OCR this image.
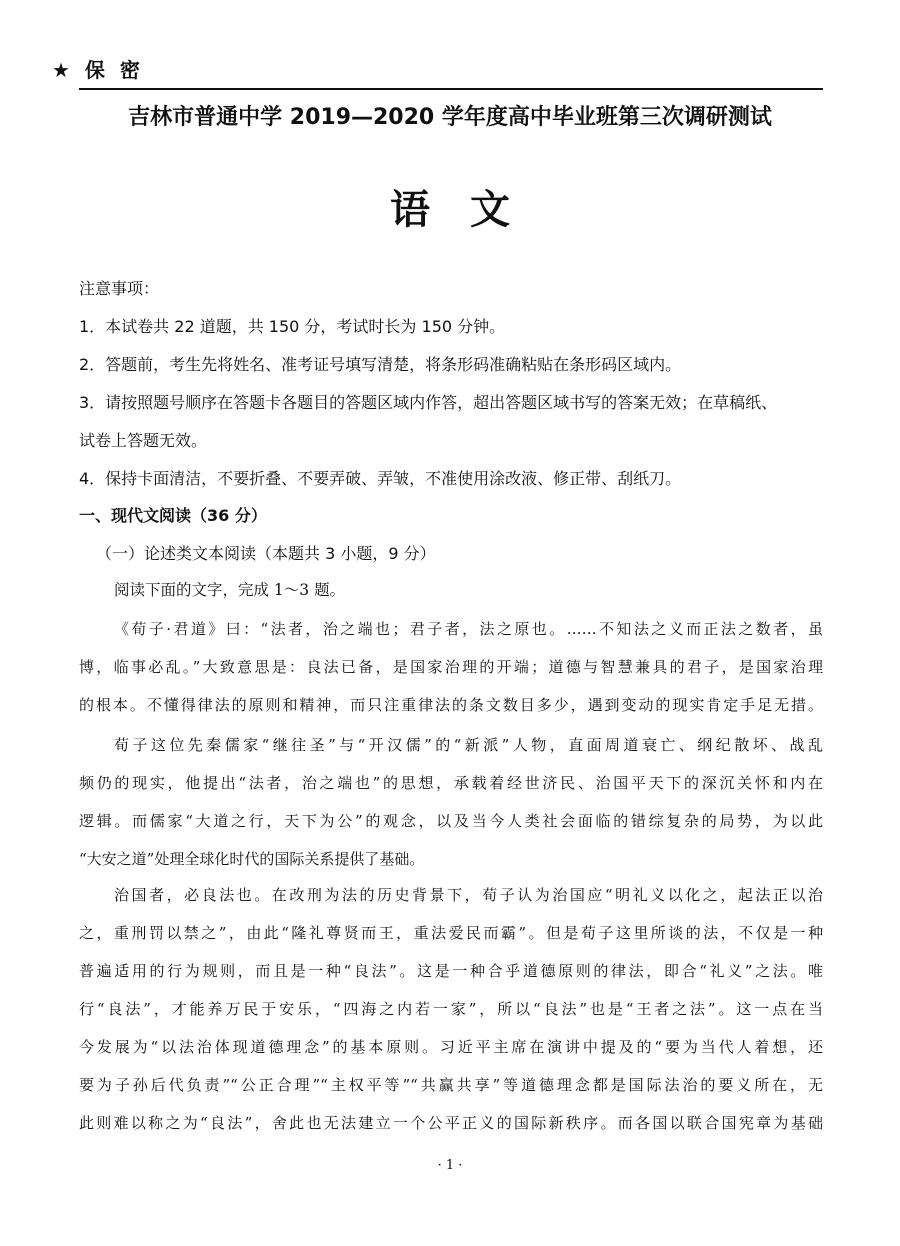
★ 保 密
吉林市普通中学 2019—2020 学年度高中毕业班第三次调研测试
语文
注意事项：
1．本试卷共 22 道题，共 150 分，考试时长为 150 分钟。
2．答题前，考生先将姓名、准考证号填写清楚，将条形码准确粘贴在条形码区域内。
3．请按照题号顺序在答题卡各题目的答题区域内作答，超出答题区域书写的答案无效；在草稿纸、
试卷上答题无效。
4．保持卡面清洁，不要折叠、不要弄破、弄皱，不准使用涂改液、修正带、刮纸刀。
一、现代文阅读（36 分）
（一）论述类文本阅读（本题共 3 小题，9 分）
阅读下面的文字，完成 1～3 题。
《荀子·君道》曰：“法者，治之端也；君子者，法之原也。……不知法之义而正法之数者，虽
博，临事必乱。”大致意思是：良法已备，是国家治理的开端；道德与智慧兼具的君子，是国家治理
的根本。不懂得律法的原则和精神，而只注重律法的条文数目多少，遇到变动的现实肯定手足无措。
荀子这位先秦儒家“继往圣”与“开汉儒”的“新派”人物，直面周道衰亡、纲纪散坏、战乱
频仍的现实，他提出“法者，治之端也”的思想，承载着经世济民、治国平天下的深沉关怀和内在
逻辑。而儒家“大道之行，天下为公”的观念，以及当今人类社会面临的错综复杂的局势，为以此
“大安之道”处理全球化时代的国际关系提供了基础。
治国者，必良法也。在改刑为法的历史背景下，荀子认为治国应“明礼义以化之，起法正以治
之，重刑罚以禁之”，由此“隆礼尊贤而王，重法爱民而霸”。但是荀子这里所谈的法，不仅是一种
普遍适用的行为规则，而且是一种“良法”。这是一种合乎道德原则的律法，即合“礼义”之法。唯
行“良法”，才能养万民于安乐，“四海之内若一家”，所以“良法”也是“王者之法”。这一点在当
今发展为“以法治体现道德理念”的基本原则。习近平主席在演讲中提及的“要为当代人着想，还
要为子孙后代负责”“公正合理”“主权平等”“共赢共享”等道德理念都是国际法治的要义所在，无
此则难以称之为“良法”，舍此也无法建立一个公平正义的国际新秩序。而各国以联合国宪章为基础
· 1 ·
